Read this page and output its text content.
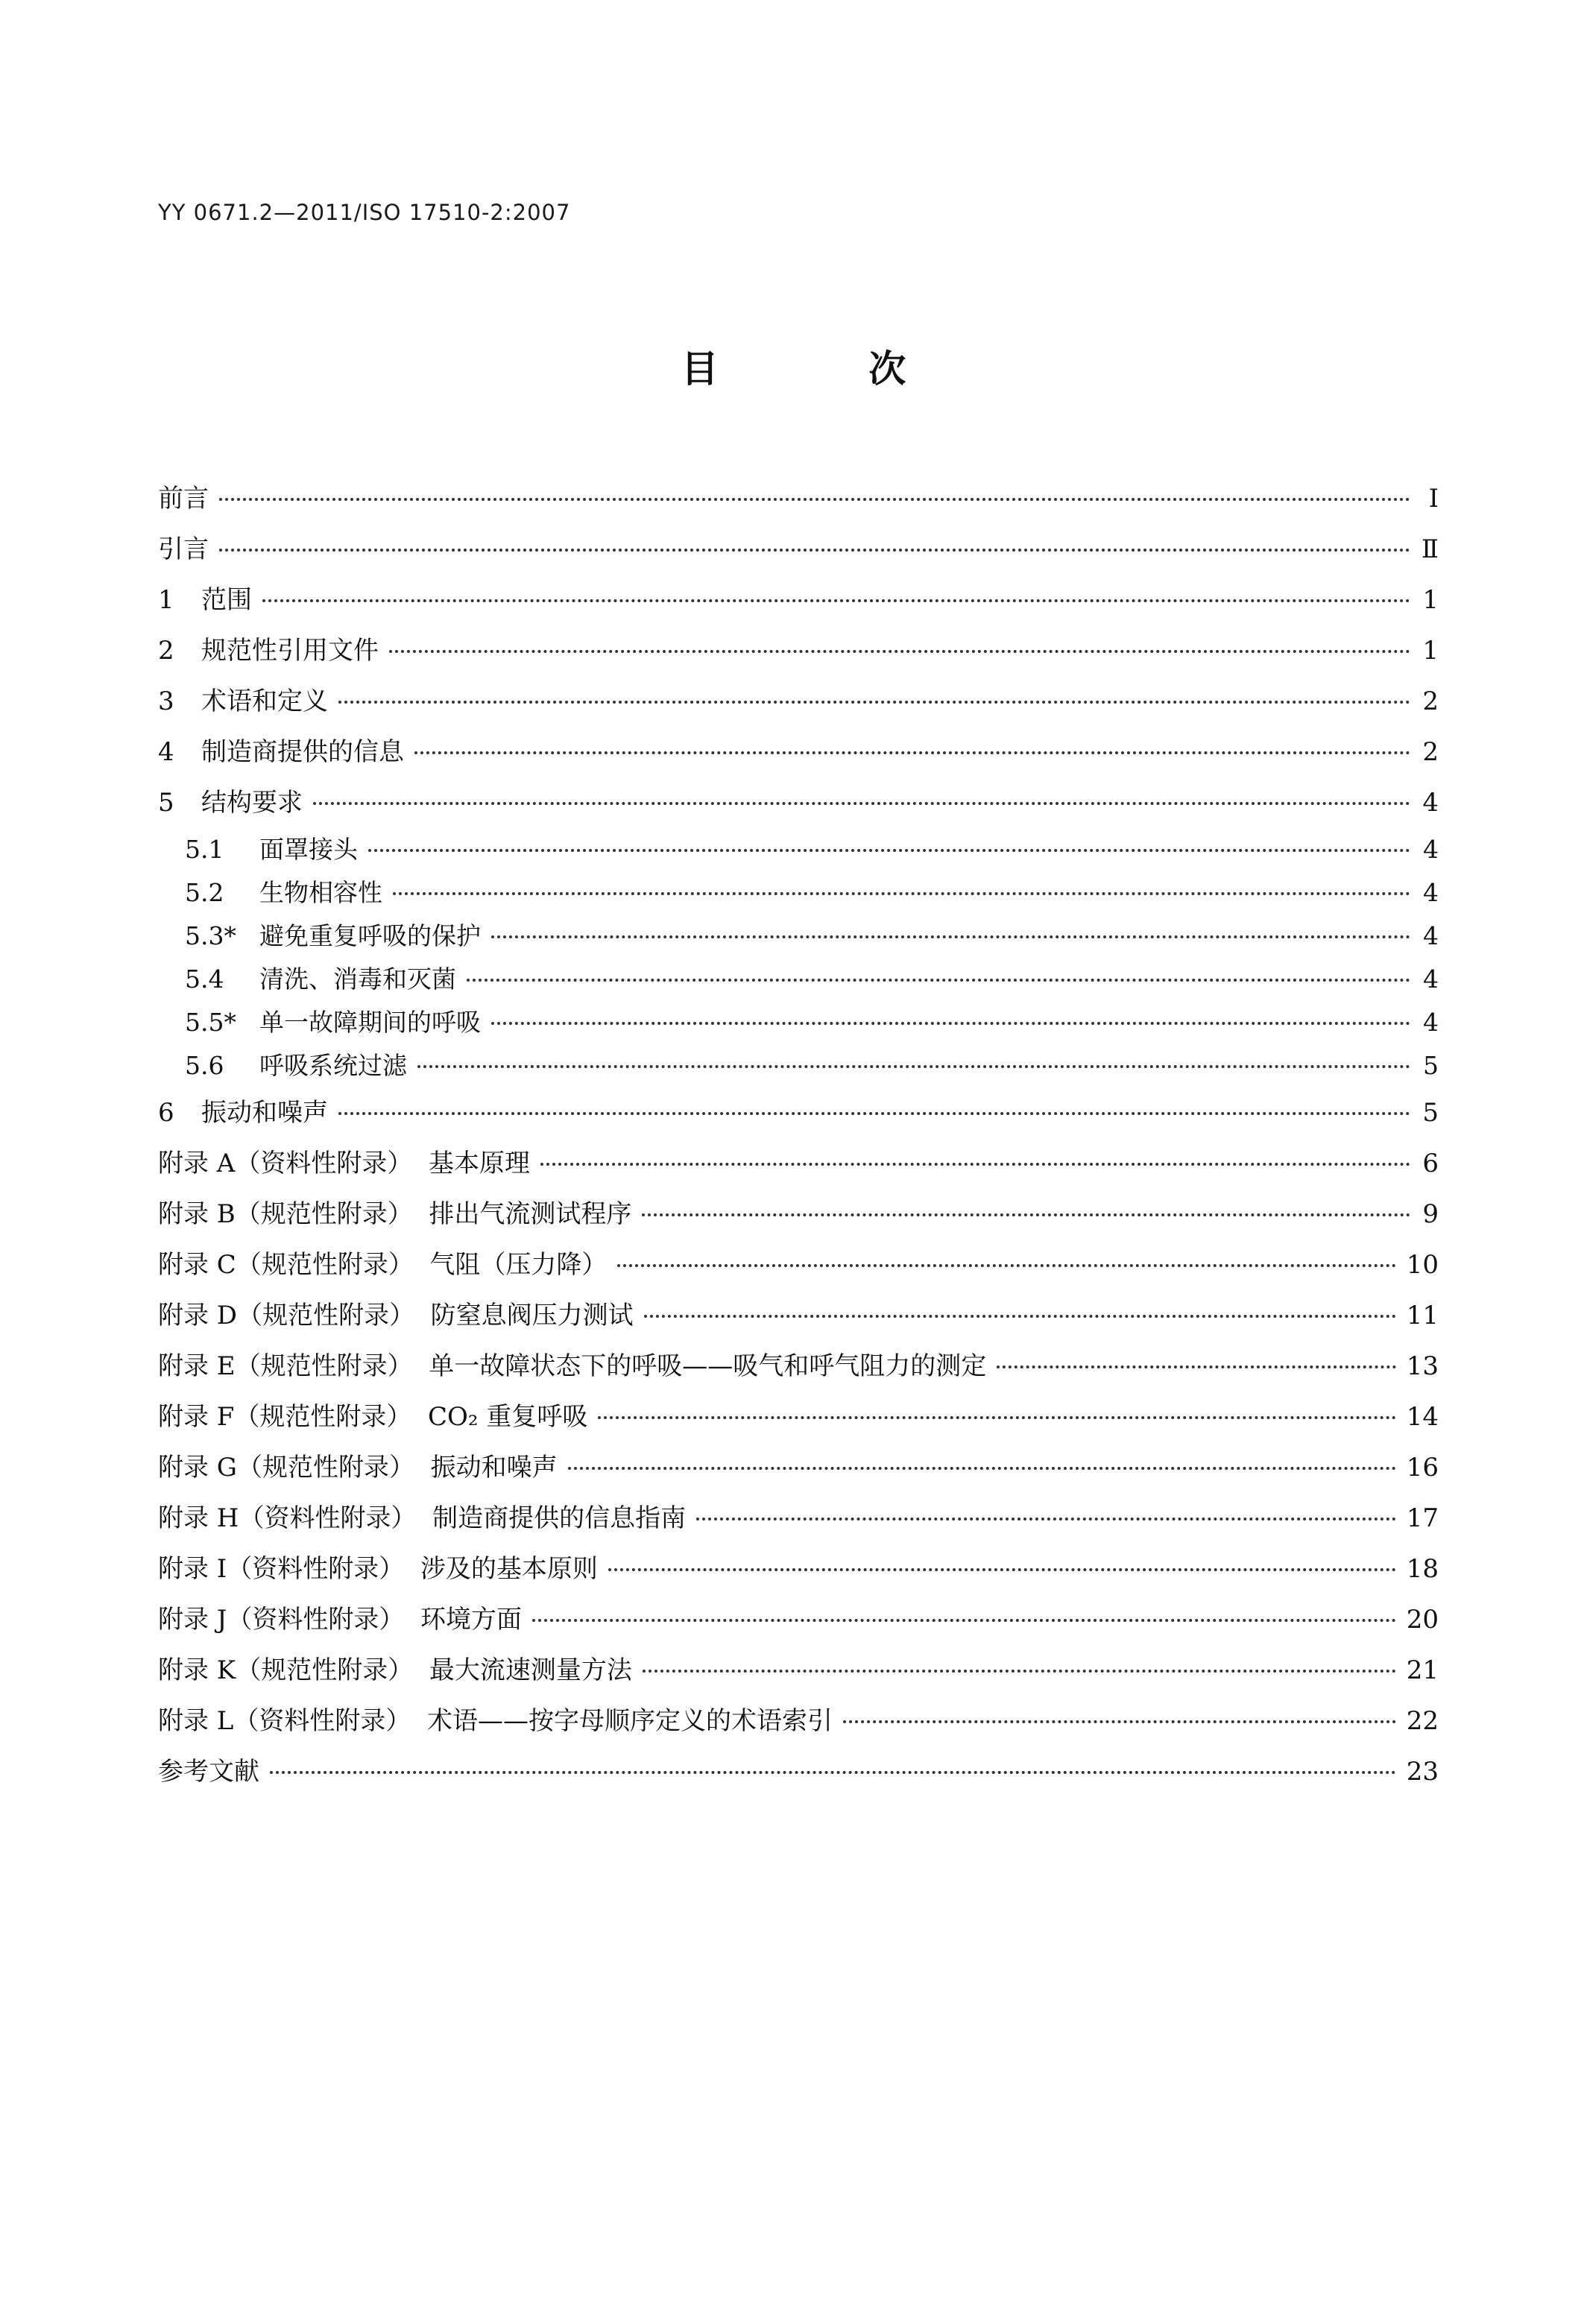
YY 0671.2—2011/ISO 17510-2:2007
目 次
前言	Ⅰ
引言	Ⅱ
1	范围	1
2	规范性引用文件	1
3	术语和定义	2
4	制造商提供的信息	2
5	结构要求	4
5.1	面罩接头	4
5.2	生物相容性	4
5.3* 避免重复呼吸的保护	4
5.4	清洗、消毒和灭菌	4
5.5* 单一故障期间的呼吸	4
5.6	呼吸系统过滤	5
6	振动和噪声	5
附录 A（资料性附录）  基本原理	6
附录 B（规范性附录）  排出气流测试程序	9
附录 C（规范性附录）  气阻（压力降）	10
附录 D（规范性附录）  防窒息阀压力测试	11
附录 E（规范性附录）  单一故障状态下的呼吸——吸气和呼气阻力的测定	13
附录 F（规范性附录）  CO₂ 重复呼吸	14
附录 G（规范性附录）  振动和噪声	16
附录 H（资料性附录）  制造商提供的信息指南	17
附录 I（资料性附录）  涉及的基本原则	18
附录 J（资料性附录）  环境方面	20
附录 K（规范性附录）  最大流速测量方法	21
附录 L（资料性附录）  术语——按字母顺序定义的术语索引	22
参考文献	23
